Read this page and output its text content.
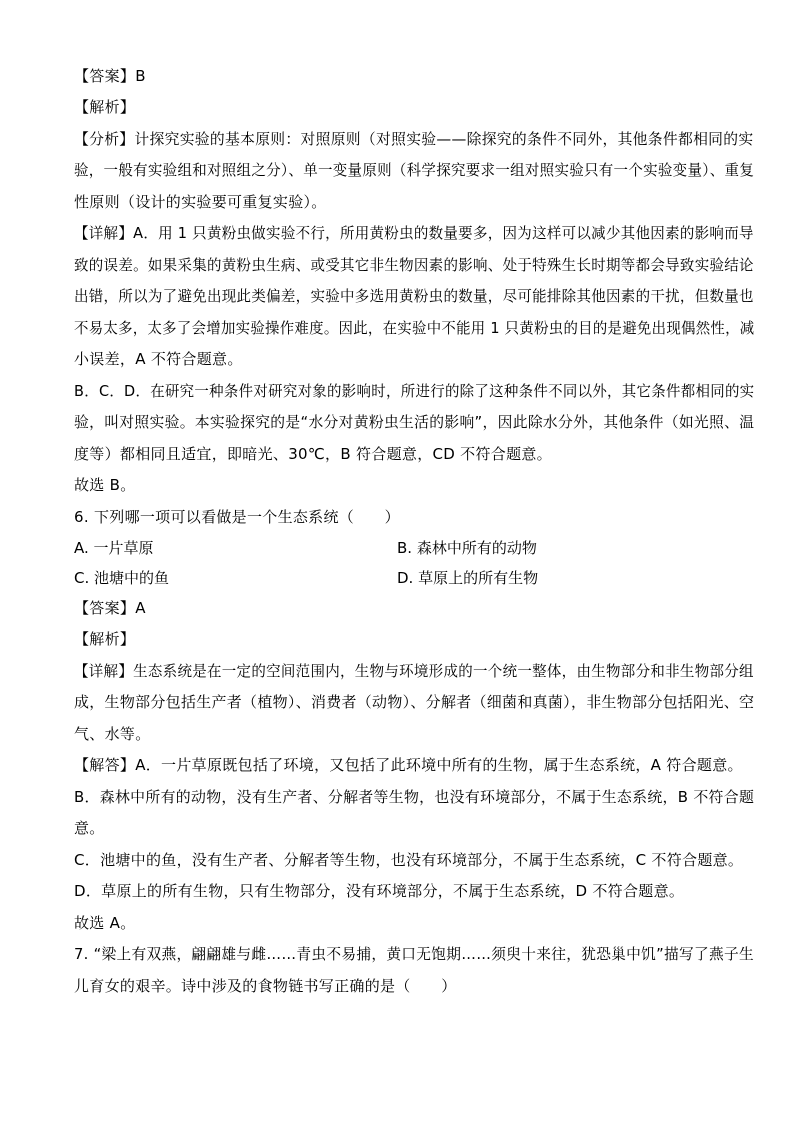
【答案】B
【解析】
【分析】计探究实验的基本原则：对照原则（对照实验——除探究的条件不同外，其他条件都相同的实
验，一般有实验组和对照组之分）、单一变量原则（科学探究要求一组对照实验只有一个实验变量）、重复
性原则（设计的实验要可重复实验）。
【详解】A．用 1 只黄粉虫做实验不行，所用黄粉虫的数量要多，因为这样可以减少其他因素的影响而导
致的误差。如果采集的黄粉虫生病、或受其它非生物因素的影响、处于特殊生长时期等都会导致实验结论
出错，所以为了避免出现此类偏差，实验中多选用黄粉虫的数量，尽可能排除其他因素的干扰，但数量也
不易太多，太多了会增加实验操作难度。因此，在实验中不能用 1 只黄粉虫的目的是避免出现偶然性，减
小误差，A 不符合题意。
B．C．D．在研究一种条件对研究对象的影响时，所进行的除了这种条件不同以外，其它条件都相同的实
验，叫对照实验。本实验探究的是“水分对黄粉虫生活的影响”，因此除水分外，其他条件（如光照、温
度等）都相同且适宜，即暗光、30℃，B 符合题意，CD 不符合题意。
故选 B。
6. 下列哪一项可以看做是一个生态系统（　　）
A. 一片草原	B. 森林中所有的动物
C. 池塘中的鱼	D. 草原上的所有生物
【答案】A
【解析】
【详解】生态系统是在一定的空间范围内，生物与环境形成的一个统一整体，由生物部分和非生物部分组
成，生物部分包括生产者（植物）、消费者（动物）、分解者（细菌和真菌），非生物部分包括阳光、空
气、水等。
【解答】A．一片草原既包括了环境，又包括了此环境中所有的生物，属于生态系统，A 符合题意。
B．森林中所有的动物，没有生产者、分解者等生物，也没有环境部分，不属于生态系统，B 不符合题
意。
C．池塘中的鱼，没有生产者、分解者等生物，也没有环境部分，不属于生态系统，C 不符合题意。
D．草原上的所有生物，只有生物部分，没有环境部分，不属于生态系统，D 不符合题意。
故选 A。
7. “梁上有双燕，翩翩雄与雌……青虫不易捕，黄口无饱期……须臾十来往，犹恐巢中饥”描写了燕子生
儿育女的艰辛。诗中涉及的食物链书写正确的是（　　）
